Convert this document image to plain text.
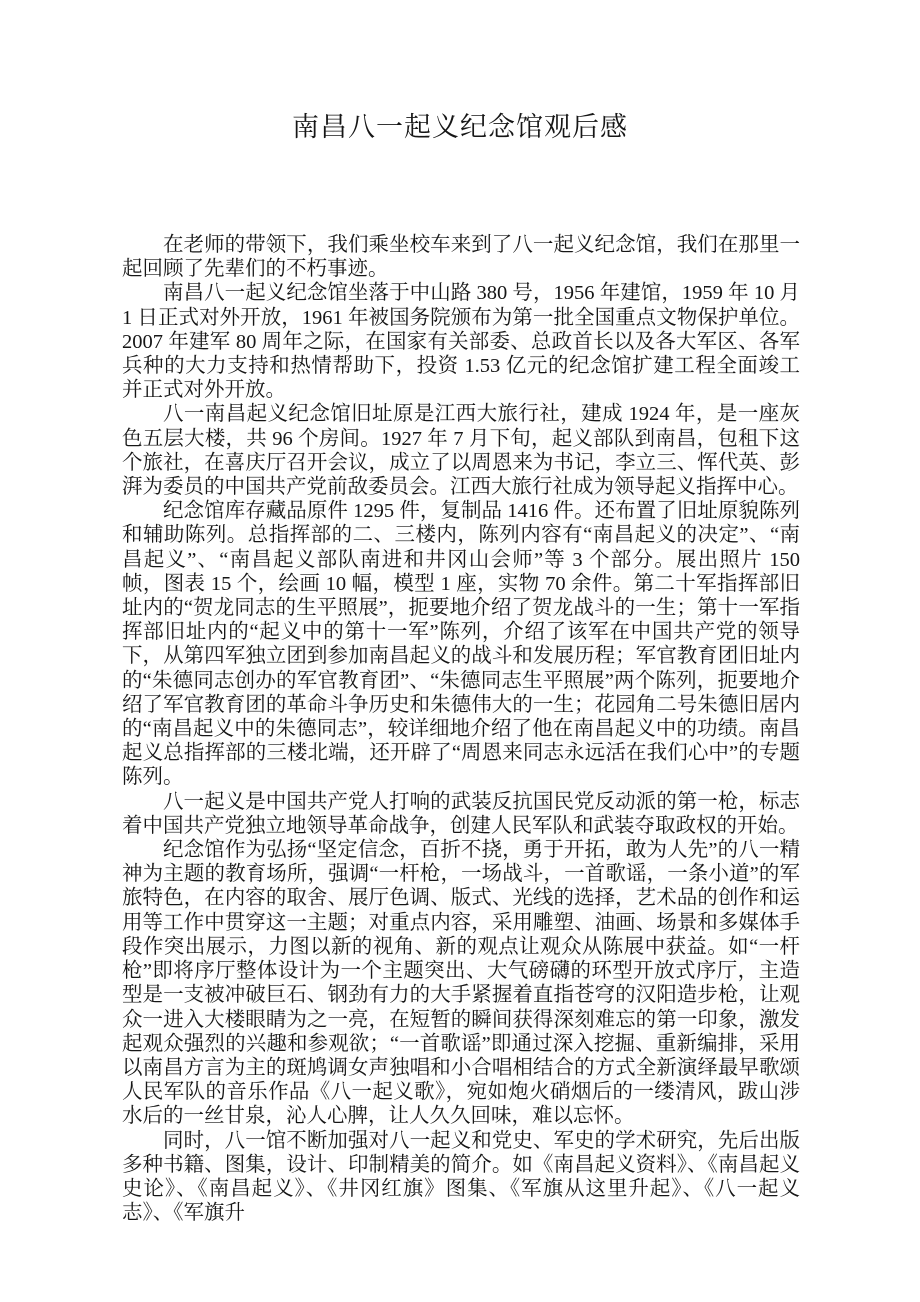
南昌八一起义纪念馆观后感

在老师的带领下，我们乘坐校车来到了八一起义纪念馆，我们在那里一起回顾了先辈们的不朽事迹。

南昌八一起义纪念馆坐落于中山路 380 号，1956 年建馆，1959 年 10 月 1 日正式对外开放，1961 年被国务院颁布为第一批全国重点文物保护单位。2007 年建军 80 周年之际，在国家有关部委、总政首长以及各大军区、各军兵种的大力支持和热情帮助下，投资 1.53 亿元的纪念馆扩建工程全面竣工并正式对外开放。

八一南昌起义纪念馆旧址原是江西大旅行社，建成 1924 年，是一座灰色五层大楼，共 96 个房间。1927 年 7 月下旬，起义部队到南昌，包租下这个旅社，在喜庆厅召开会议，成立了以周恩来为书记，李立三、恽代英、彭湃为委员的中国共产党前敌委员会。江西大旅行社成为领导起义指挥中心。

纪念馆库存藏品原件 1295 件，复制品 1416 件。还布置了旧址原貌陈列和辅助陈列。总指挥部的二、三楼内，陈列内容有“南昌起义的决定”、“南昌起义”、“南昌起义部队南进和井冈山会师”等 3 个部分。展出照片 150 帧，图表 15 个，绘画 10 幅，模型 1 座，实物 70 余件。第二十军指挥部旧址内的“贺龙同志的生平照展”，扼要地介绍了贺龙战斗的一生；第十一军指挥部旧址内的“起义中的第十一军”陈列，介绍了该军在中国共产党的领导下，从第四军独立团到参加南昌起义的战斗和发展历程；军官教育团旧址内的“朱德同志创办的军官教育团”、“朱德同志生平照展”两个陈列，扼要地介绍了军官教育团的革命斗争历史和朱德伟大的一生；花园角二号朱德旧居内的“南昌起义中的朱德同志”，较详细地介绍了他在南昌起义中的功绩。南昌起义总指挥部的三楼北端，还开辟了“周恩来同志永远活在我们心中”的专题陈列。

八一起义是中国共产党人打响的武装反抗国民党反动派的第一枪，标志着中国共产党独立地领导革命战争，创建人民军队和武装夺取政权的开始。

纪念馆作为弘扬“坚定信念，百折不挠，勇于开拓，敢为人先”的八一精神为主题的教育场所，强调“一杆枪，一场战斗，一首歌谣，一条小道”的军旅特色，在内容的取舍、展厅色调、版式、光线的选择，艺术品的创作和运用等工作中贯穿这一主题；对重点内容，采用雕塑、油画、场景和多媒体手段作突出展示，力图以新的视角、新的观点让观众从陈展中获益。如“一杆枪”即将序厅整体设计为一个主题突出、大气磅礴的环型开放式序厅，主造型是一支被冲破巨石、钢劲有力的大手紧握着直指苍穹的汉阳造步枪，让观众一进入大楼眼睛为之一亮，在短暂的瞬间获得深刻难忘的第一印象，激发起观众强烈的兴趣和参观欲；“一首歌谣”即通过深入挖掘、重新编排，采用以南昌方言为主的斑鸠调女声独唱和小合唱相结合的方式全新演绎最早歌颂人民军队的音乐作品《八一起义歌》，宛如炮火硝烟后的一缕清风，跋山涉水后的一丝甘泉，沁人心脾，让人久久回味，难以忘怀。

同时，八一馆不断加强对八一起义和党史、军史的学术研究，先后出版多种书籍、图集，设计、印制精美的简介。如《南昌起义资料》、《南昌起义史论》、《南昌起义》、《井冈红旗》图集、《军旗从这里升起》、《八一起义志》、《军旗升
